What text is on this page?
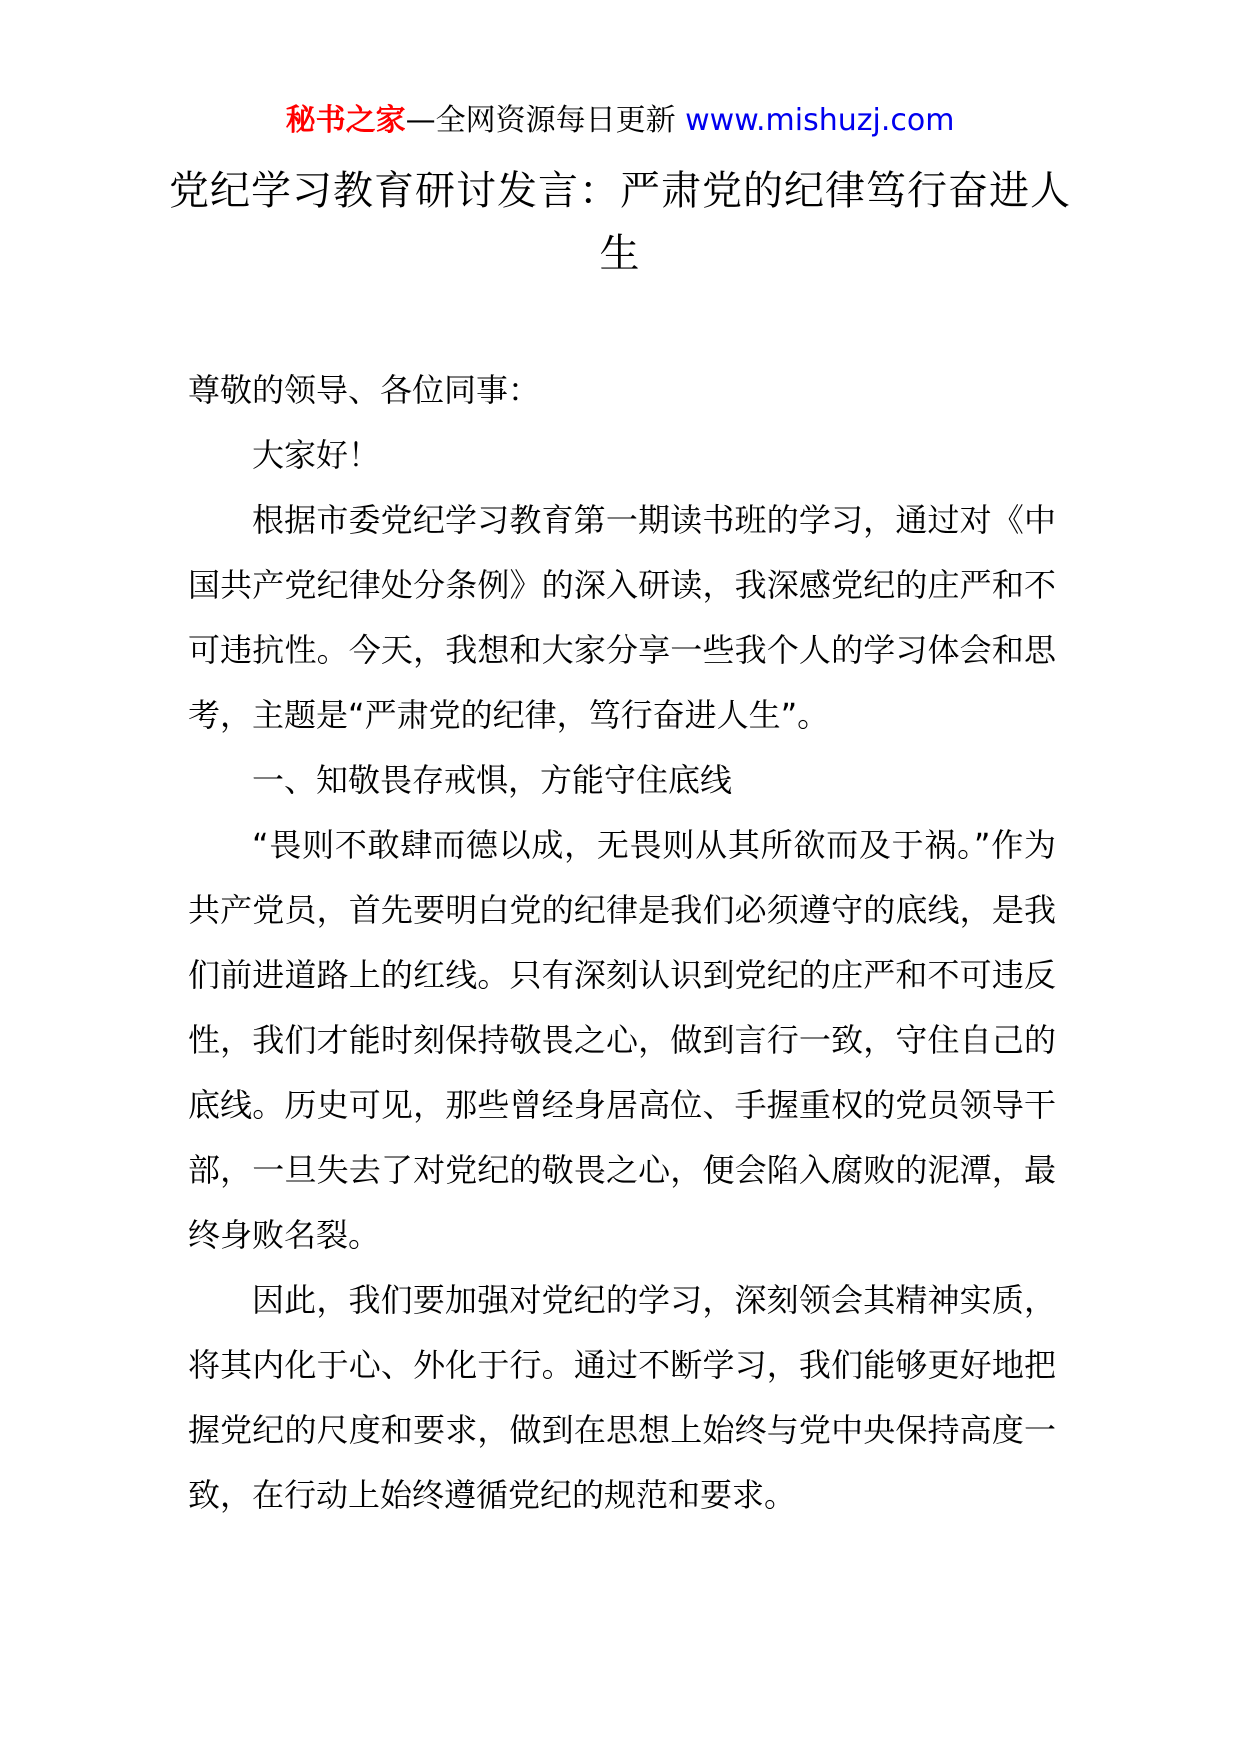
秘书之家—全网资源每日更新 www.mishuzj.com
党纪学习教育研讨发言：严肃党的纪律笃行奋进人生

尊敬的领导、各位同事：

大家好！

根据市委党纪学习教育第一期读书班的学习，通过对《中国共产党纪律处分条例》的深入研读，我深感党纪的庄严和不可违抗性。今天，我想和大家分享一些我个人的学习体会和思考，主题是“严肃党的纪律，笃行奋进人生”。

一、知敬畏存戒惧，方能守住底线

“畏则不敢肆而德以成，无畏则从其所欲而及于祸。”作为共产党员，首先要明白党的纪律是我们必须遵守的底线，是我们前进道路上的红线。只有深刻认识到党纪的庄严和不可违反性，我们才能时刻保持敬畏之心，做到言行一致，守住自己的底线。历史可见，那些曾经身居高位、手握重权的党员领导干部，一旦失去了对党纪的敬畏之心，便会陷入腐败的泥潭，最终身败名裂。

因此，我们要加强对党纪的学习，深刻领会其精神实质，将其内化于心、外化于行。通过不断学习，我们能够更好地把握党纪的尺度和要求，做到在思想上始终与党中央保持高度一致，在行动上始终遵循党纪的规范和要求。
